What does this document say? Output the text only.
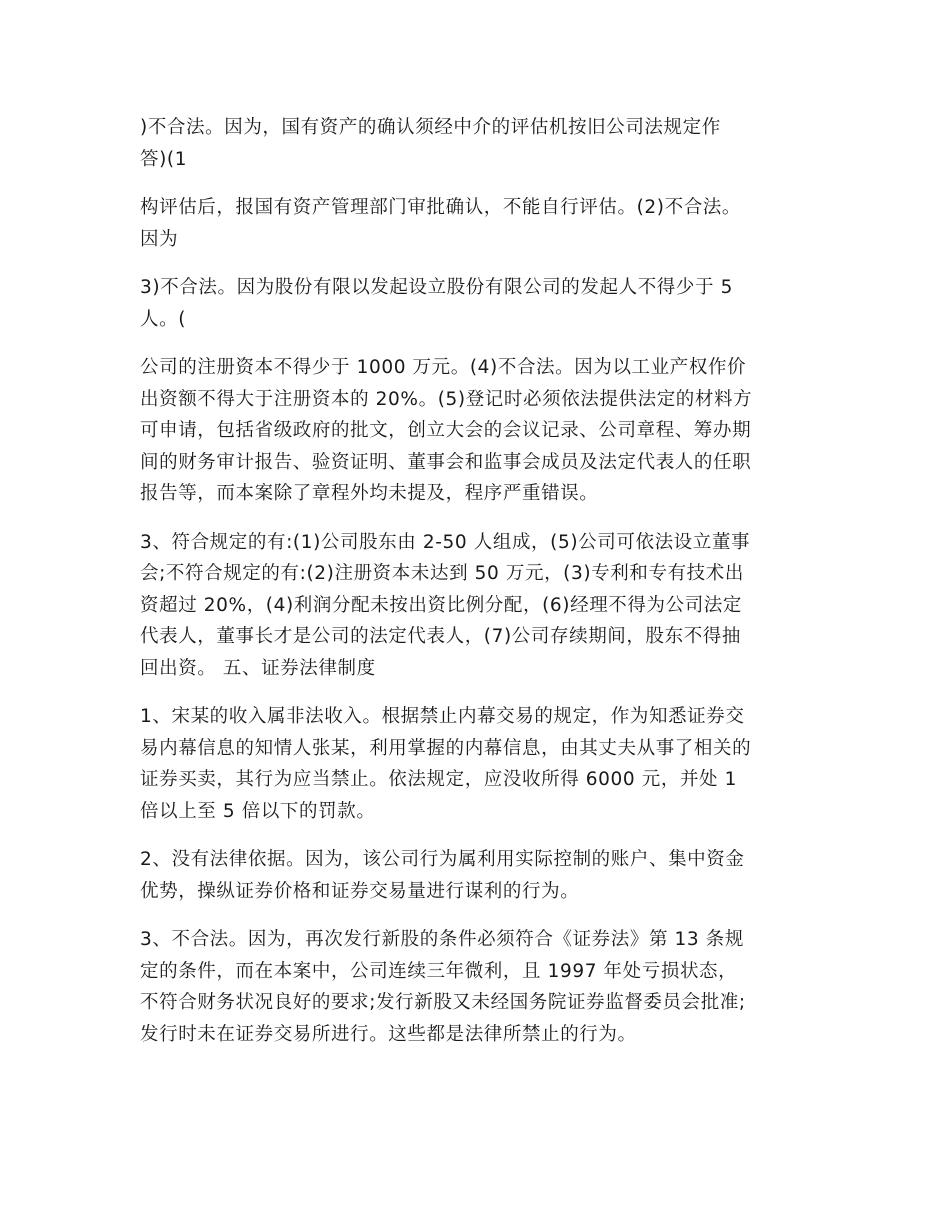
)不合法。因为，国有资产的确认须经中介的评估机按旧公司法规定作
答)(1

构评估后，报国有资产管理部门审批确认，不能自行评估。(2)不合法。
因为

3)不合法。因为股份有限以发起设立股份有限公司的发起人不得少于 5
人。(

公司的注册资本不得少于 1000 万元。(4)不合法。因为以工业产权作价
出资额不得大于注册资本的 20%。(5)登记时必须依法提供法定的材料方
可申请，包括省级政府的批文，创立大会的会议记录、公司章程、筹办期
间的财务审计报告、验资证明、董事会和监事会成员及法定代表人的任职
报告等，而本案除了章程外均未提及，程序严重错误。

3、符合规定的有:(1)公司股东由 2-50 人组成，(5)公司可依法设立董事
会;不符合规定的有:(2)注册资本未达到 50 万元，(3)专利和专有技术出
资超过 20%，(4)利润分配未按出资比例分配，(6)经理不得为公司法定
代表人，董事长才是公司的法定代表人，(7)公司存续期间，股东不得抽
回出资。 五、证券法律制度

1、宋某的收入属非法收入。根据禁止内幕交易的规定，作为知悉证券交
易内幕信息的知情人张某，利用掌握的内幕信息，由其丈夫从事了相关的
证券买卖，其行为应当禁止。依法规定，应没收所得 6000 元，并处 1
倍以上至 5 倍以下的罚款。

2、没有法律依据。因为，该公司行为属利用实际控制的账户、集中资金
优势，操纵证券价格和证券交易量进行谋利的行为。

3、不合法。因为，再次发行新股的条件必须符合《证券法》第 13 条规
定的条件，而在本案中，公司连续三年微利，且 1997 年处亏损状态，
不符合财务状况良好的要求;发行新股又未经国务院证券监督委员会批准;
发行时未在证券交易所进行。这些都是法律所禁止的行为。
